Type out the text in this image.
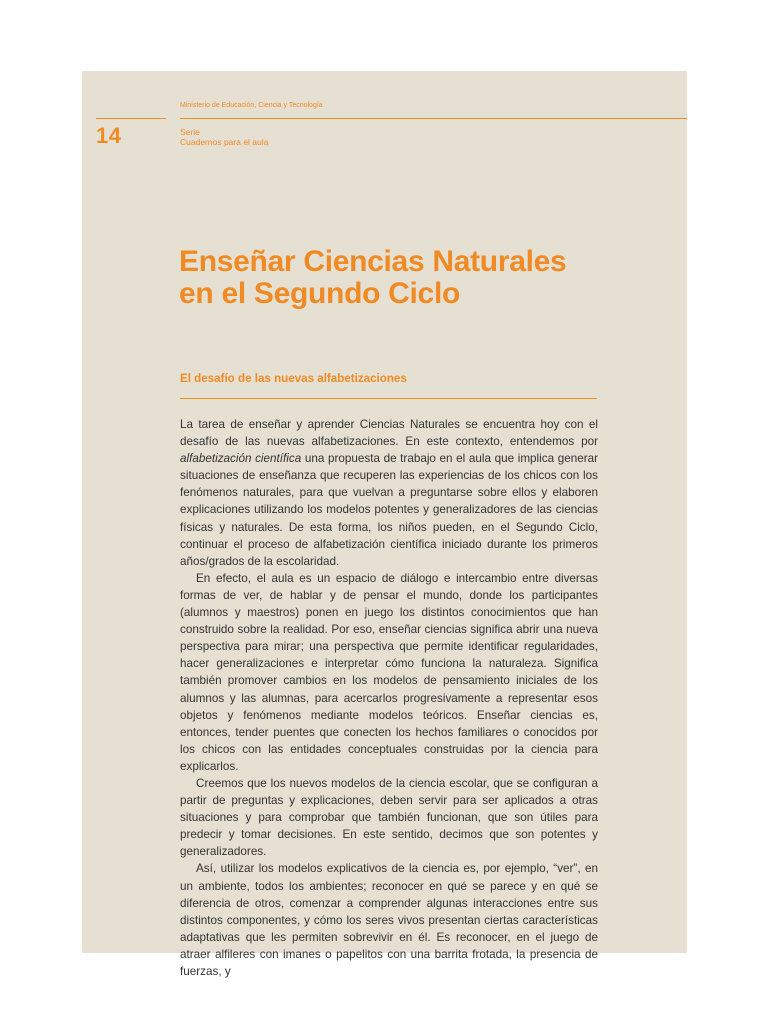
Ministerio de Educación, Ciencia y Tecnología
14	Serie
Cuadernos para el aula
Enseñar Ciencias Naturales
en el Segundo Ciclo
El desafío de las nuevas alfabetizaciones

La tarea de enseñar y aprender Ciencias Naturales se encuentra hoy con el desafío de las nuevas alfabetizaciones. En este contexto, entendemos por alfabetización científica una propuesta de trabajo en el aula que implica generar situaciones de enseñanza que recuperen las experiencias de los chicos con los fenómenos naturales, para que vuelvan a preguntarse sobre ellos y elaboren explicaciones utilizando los modelos potentes y generalizadores de las ciencias físicas y naturales. De esta forma, los niños pueden, en el Segundo Ciclo, continuar el proceso de alfabetización científica iniciado durante los primeros años/grados de la escolaridad.

En efecto, el aula es un espacio de diálogo e intercambio entre diversas formas de ver, de hablar y de pensar el mundo, donde los participantes (alumnos y maestros) ponen en juego los distintos conocimientos que han construido sobre la realidad. Por eso, enseñar ciencias significa abrir una nueva perspectiva para mirar; una perspectiva que permite identificar regularidades, hacer generalizaciones e interpretar cómo funciona la naturaleza. Significa también promover cambios en los modelos de pensamiento iniciales de los alumnos y las alumnas, para acercarlos progresivamente a representar esos objetos y fenómenos mediante modelos teóricos. Enseñar ciencias es, entonces, tender puentes que conecten los hechos familiares o conocidos por los chicos con las entidades conceptuales construidas por la ciencia para explicarlos.

Creemos que los nuevos modelos de la ciencia escolar, que se configuran a partir de preguntas y explicaciones, deben servir para ser aplicados a otras situaciones y para comprobar que también funcionan, que son útiles para predecir y tomar decisiones. En este sentido, decimos que son potentes y generalizadores.

Así, utilizar los modelos explicativos de la ciencia es, por ejemplo, “ver”, en un ambiente, todos los ambientes; reconocer en qué se parece y en qué se diferencia de otros, comenzar a comprender algunas interacciones entre sus distintos componentes, y cómo los seres vivos presentan ciertas características adaptativas que les permiten sobrevivir en él. Es reconocer, en el juego de atraer alfileres con imanes o papelitos con una barrita frotada, la presencia de fuerzas, y
